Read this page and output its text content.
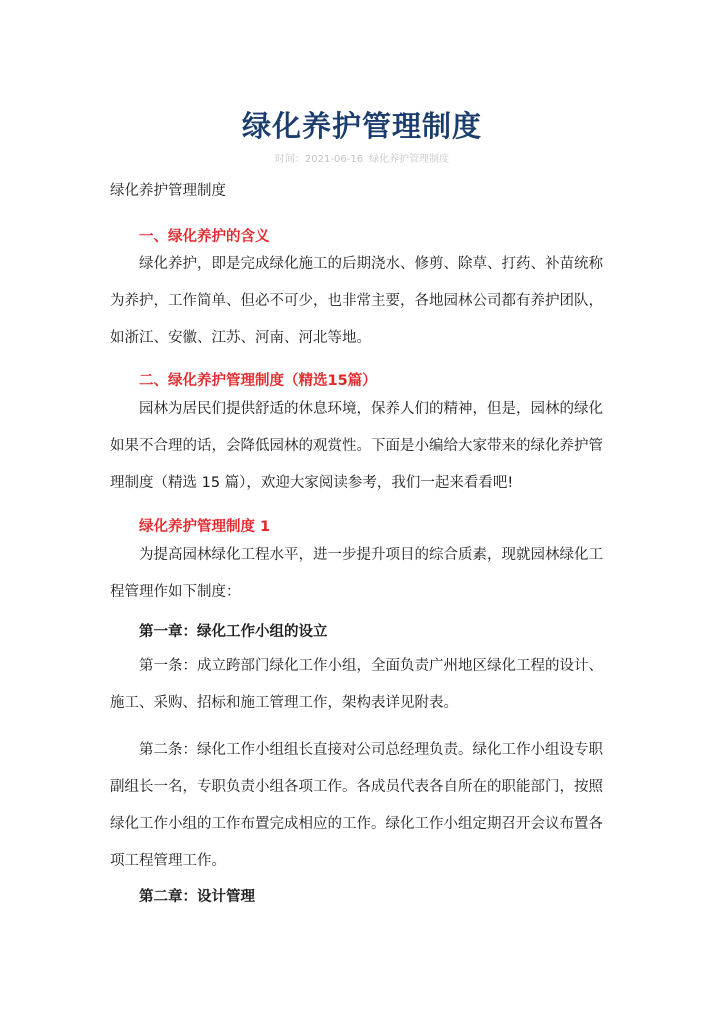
绿化养护管理制度
时间：2021-06-16 绿化养护管理制度
绿化养护管理制度
一、绿化养护的含义
绿化养护，即是完成绿化施工的后期浇水、修剪、除草、打药、补苗统称
为养护，工作简单、但必不可少，也非常主要，各地园林公司都有养护团队，
如浙江、安徽、江苏、河南、河北等地。
二、绿化养护管理制度（精选15篇）
园林为居民们提供舒适的休息环境，保养人们的精神，但是，园林的绿化
如果不合理的话，会降低园林的观赏性。下面是小编给大家带来的绿化养护管
理制度（精选 15 篇），欢迎大家阅读参考，我们一起来看看吧!
绿化养护管理制度 1
为提高园林绿化工程水平，进一步提升项目的综合质素，现就园林绿化工
程管理作如下制度：
第一章：绿化工作小组的设立
第一条：成立跨部门绿化工作小组，全面负责广州地区绿化工程的设计、
施工、采购、招标和施工管理工作，架构表详见附表。
第二条：绿化工作小组组长直接对公司总经理负责。绿化工作小组设专职
副组长一名，专职负责小组各项工作。各成员代表各自所在的职能部门，按照
绿化工作小组的工作布置完成相应的工作。绿化工作小组定期召开会议布置各
项工程管理工作。
第二章：设计管理
